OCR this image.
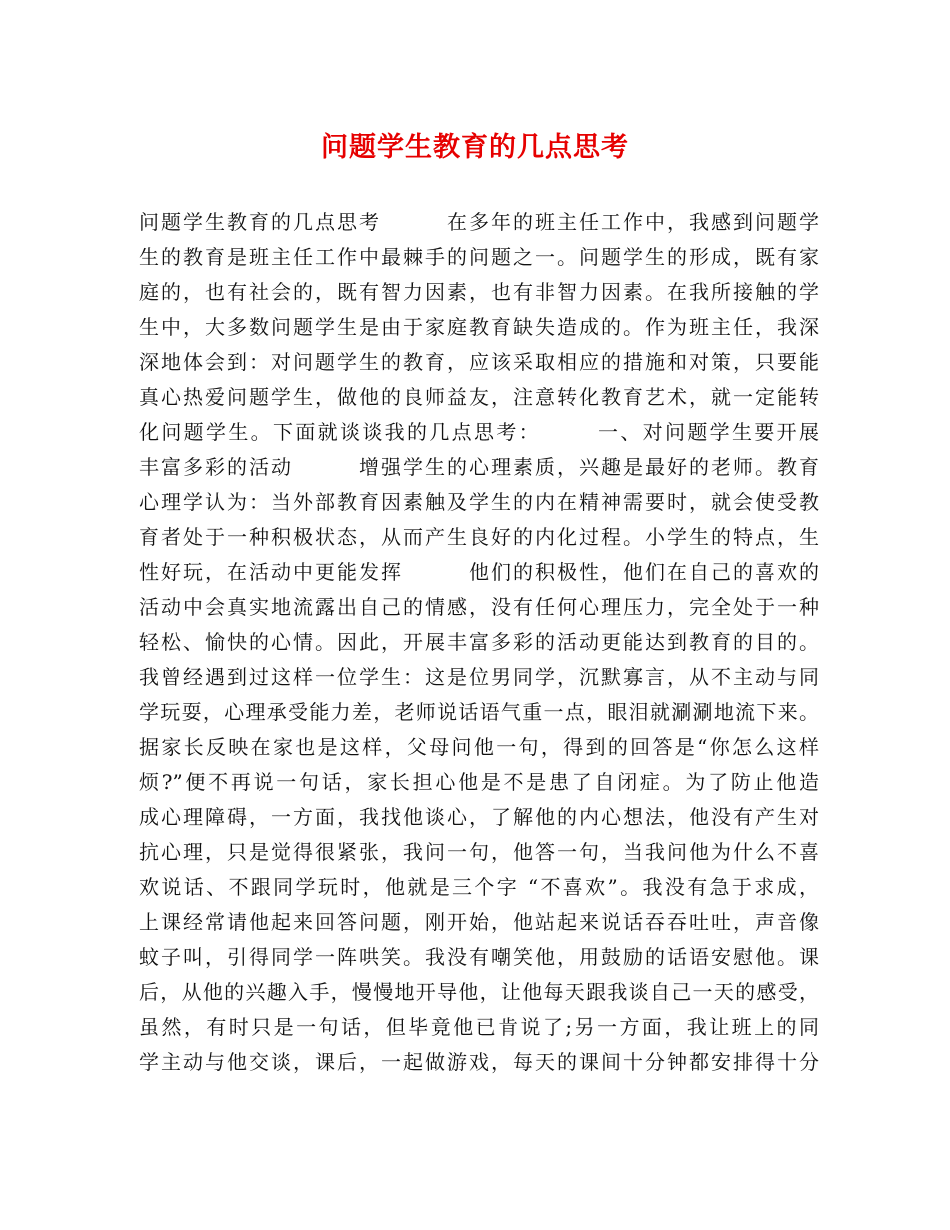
问题学生教育的几点思考
问题学生教育的几点思考　　　在多年的班主任工作中，我感到问题学
生的教育是班主任工作中最棘手的问题之一。问题学生的形成，既有家
庭的，也有社会的，既有智力因素，也有非智力因素。在我所接触的学
生中，大多数问题学生是由于家庭教育缺失造成的。作为班主任，我深
深地体会到：对问题学生的教育，应该采取相应的措施和对策，只要能
真心热爱问题学生，做他的良师益友，注意转化教育艺术，就一定能转
化问题学生。下面就谈谈我的几点思考：　　　一、对问题学生要开展
丰富多彩的活动　　　增强学生的心理素质，兴趣是最好的老师。教育
心理学认为：当外部教育因素触及学生的内在精神需要时，就会使受教
育者处于一种积极状态，从而产生良好的内化过程。小学生的特点，生
性好玩，在活动中更能发挥　　　他们的积极性，他们在自己的喜欢的
活动中会真实地流露出自己的情感，没有任何心理压力，完全处于一种
轻松、愉快的心情。因此，开展丰富多彩的活动更能达到教育的目的。
我曾经遇到过这样一位学生：这是位男同学，沉默寡言，从不主动与同
学玩耍，心理承受能力差，老师说话语气重一点，眼泪就涮涮地流下来。
据家长反映在家也是这样，父母问他一句，得到的回答是“你怎么这样
烦?”便不再说一句话，家长担心他是不是患了自闭症。为了防止他造
成心理障碍，一方面，我找他谈心，了解他的内心想法，他没有产生对
抗心理，只是觉得很紧张，我问一句，他答一句，当我问他为什么不喜
欢说话、不跟同学玩时，他就是三个字 “不喜欢”。我没有急于求成，
上课经常请他起来回答问题，刚开始，他站起来说话吞吞吐吐，声音像
蚊子叫，引得同学一阵哄笑。我没有嘲笑他，用鼓励的话语安慰他。课
后，从他的兴趣入手，慢慢地开导他，让他每天跟我谈自己一天的感受，
虽然，有时只是一句话，但毕竟他已肯说了;另一方面，我让班上的同
学主动与他交谈，课后，一起做游戏，每天的课间十分钟都安排得十分
